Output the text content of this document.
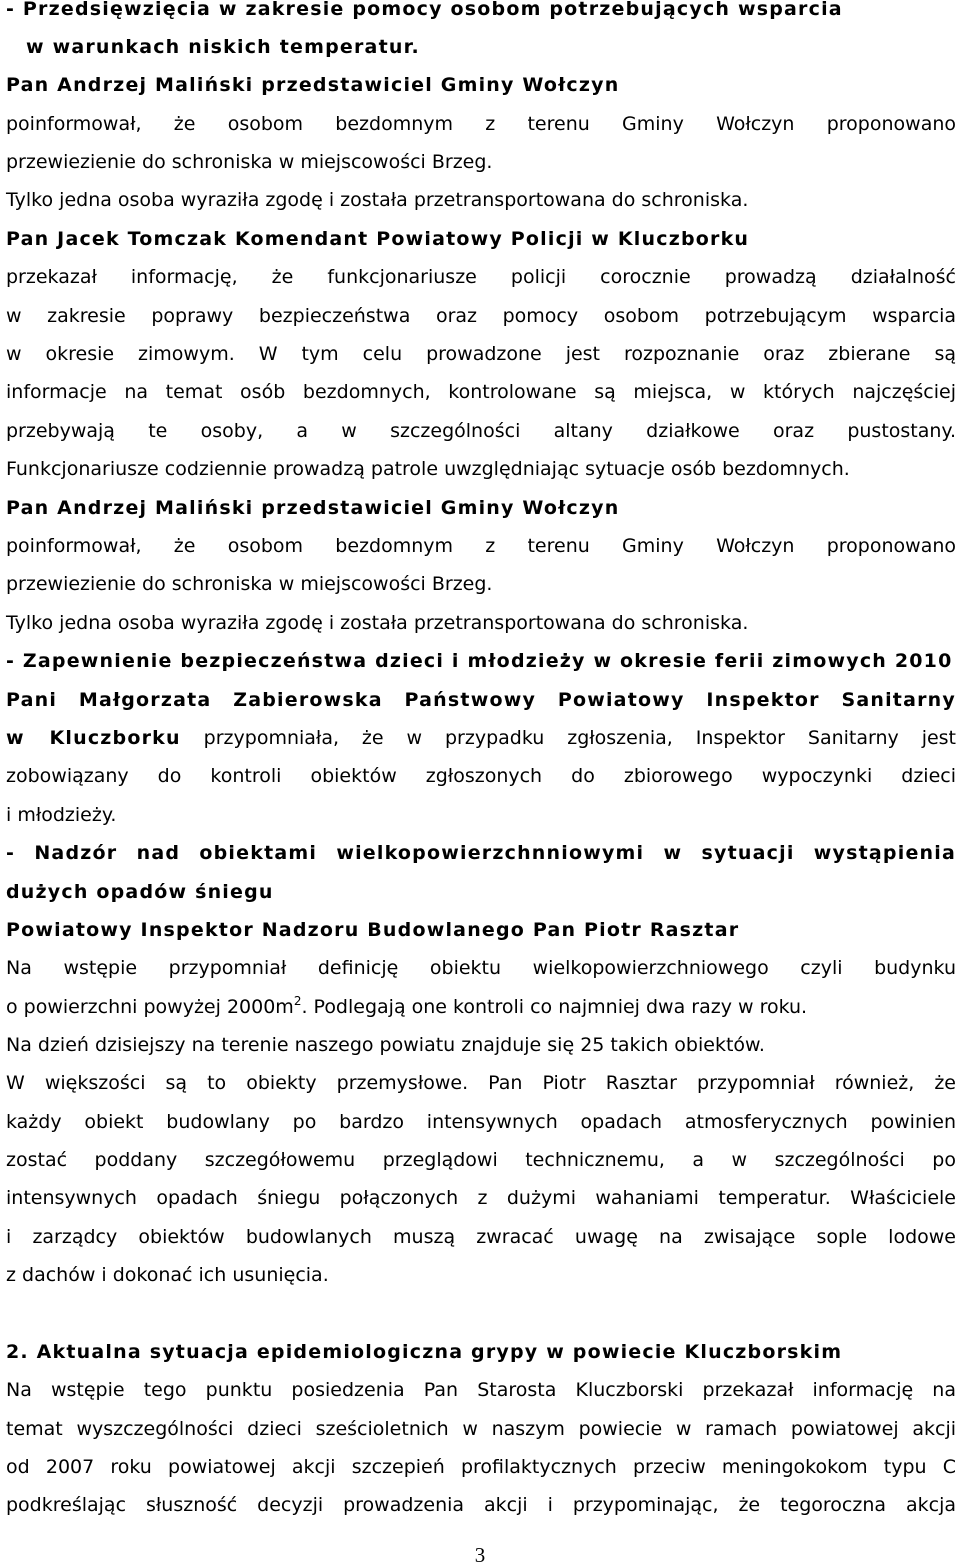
- Przedsięwzięcia w zakresie pomocy osobom potrzebujących wsparcia
w warunkach niskich temperatur.
Pan Andrzej Maliński przedstawiciel Gminy Wołczyn
poinformował, że osobom bezdomnym z terenu Gminy Wołczyn proponowano
przewiezienie do schroniska w miejscowości Brzeg.
Tylko jedna osoba wyraziła zgodę i została przetransportowana do schroniska.
Pan Jacek Tomczak Komendant Powiatowy Policji w Kluczborku
przekazał informację, że funkcjonariusze policji corocznie prowadzą działalność
w zakresie poprawy bezpieczeństwa oraz pomocy osobom potrzebującym wsparcia
w okresie zimowym. W tym celu prowadzone jest rozpoznanie oraz zbierane są
informacje na temat osób bezdomnych, kontrolowane są miejsca, w których najczęściej
przebywają te osoby, a w szczególności altany działkowe oraz pustostany.
Funkcjonariusze codziennie prowadzą patrole uwzględniając sytuacje osób bezdomnych.
Pan Andrzej Maliński przedstawiciel Gminy Wołczyn
poinformował, że osobom bezdomnym z terenu Gminy Wołczyn proponowano
przewiezienie do schroniska w miejscowości Brzeg.
Tylko jedna osoba wyraziła zgodę i została przetransportowana do schroniska.
- Zapewnienie bezpieczeństwa dzieci i młodzieży w okresie ferii zimowych 2010
Pani Małgorzata Zabierowska Państwowy Powiatowy Inspektor Sanitarny
w Kluczborku przypomniała, że w przypadku zgłoszenia, Inspektor Sanitarny jest
zobowiązany do kontroli obiektów zgłoszonych do zbiorowego wypoczynki dzieci
i młodzieży.
- Nadzór nad obiektami wielkopowierzchnniowymi w sytuacji wystąpienia
dużych opadów śniegu
Powiatowy Inspektor Nadzoru Budowlanego Pan Piotr Rasztar
Na wstępie przypomniał definicję obiektu wielkopowierzchniowego czyli budynku
o powierzchni powyżej $2000m^2$. Podlegają one kontroli co najmniej dwa razy w roku.
Na dzień dzisiejszy na terenie naszego powiatu znajduje się 25 takich obiektów.
W większości są to obiekty przemysłowe. Pan Piotr Rasztar przypomniał również, że
każdy obiekt budowlany po bardzo intensywnych opadach atmosferycznych powinien
zostać poddany szczegółowemu przeglądowi technicznemu, a w szczególności po
intensywnych opadach śniegu połączonych z dużymi wahaniami temperatur. Właściciele
i zarządcy obiektów budowlanych muszą zwracać uwagę na zwisające sople lodowe
z dachów i dokonać ich usunięcia.
2. Aktualna sytuacja epidemiologiczna grypy w powiecie Kluczborskim
Na wstępie tego punktu posiedzenia Pan Starosta Kluczborski przekazał informację na
temat wyszczególności dzieci sześcioletnich w naszym powiecie w ramach powiatowej akcji
od 2007 roku powiatowej akcji szczepień profilaktycznych przeciw meningokokom typu C
podkreślając słuszność decyzji prowadzenia akcji i przypominając, że tegoroczna akcja
3
